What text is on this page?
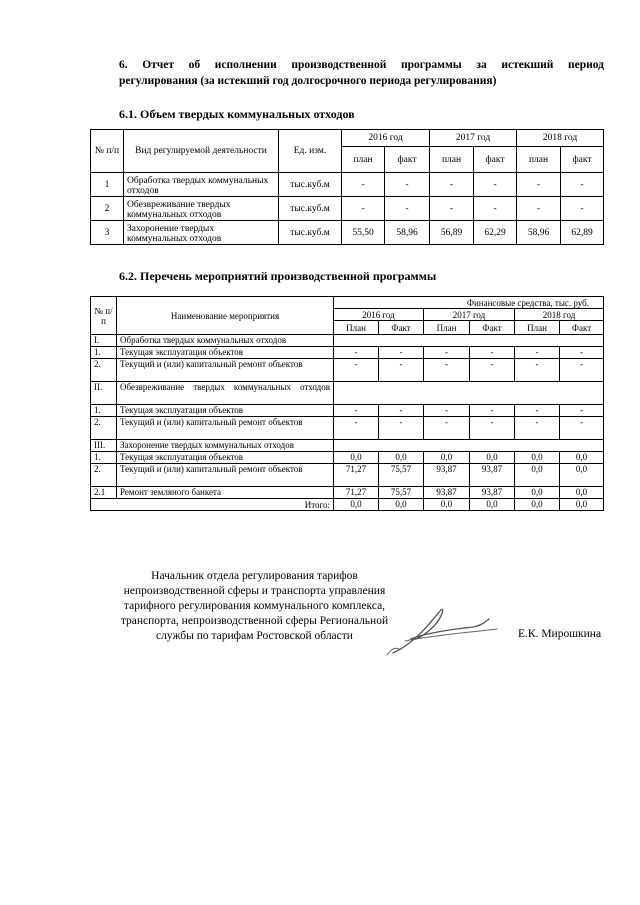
6. Отчет об исполнении производственной программы за истекший период
регулирования (за истекший год долгосрочного периода регулирования)

6.1. Объем твердых коммунальных отходов

№ п/п	Вид регулируемой деятельности	Ед. изм.	2016 год		2017 год		2018 год	
			план	факт	план	факт	план	факт
1	Обработка твердых коммунальных отходов	тыс.куб.м	-	-	-	-	-	-
2	Обезвреживание твердых коммунальных отходов	тыс.куб.м	-	-	-	-	-	-
3	Захоронение твердых коммунальных отходов	тыс.куб.м	55,50	58,96	56,89	62,29	58,96	62,89

6.2. Перечень мероприятий производственной программы

№ п/п	Наименование мероприятия	Финансовые средства, тыс. руб.					
		2016 год		2017 год		2018 год	
		План	Факт	План	Факт	План	Факт
I.	Обработка твердых коммунальных отходов						
1.	Текущая эксплуатация объектов	-	-	-	-	-	-
2.	Текущий и (или) капитальный ремонт объектов	-	-	-	-	-	-
II.	Обезвреживание твердых коммунальных отходов						
1.	Текущая эксплуатация объектов	-	-	-	-	-	-
2.	Текущий и (или) капитальный ремонт объектов	-	-	-	-	-	-
III.	Захоронение твердых коммунальных отходов						
1.	Текущая эксплуатация объектов	0,0	0,0	0,0	0,0	0,0	0,0
2.	Текущий и (или) капитальный ремонт объектов	71,27	75,57	93,87	93,87	0,0	0,0
2.1	Ремонт земляного банкета	71,27	75,57	93,87	93,87	0,0	0,0
Итого:		0,0	0,0	0,0	0,0	0,0	0,0
Начальник отдела регулирования тарифов
непроизводственной сферы и транспорта управления
тарифного регулирования коммунального комплекса,
транспорта, непроизводственной сферы Региональной
службы по тарифам Ростовской области	Е.К. Мирошкина
